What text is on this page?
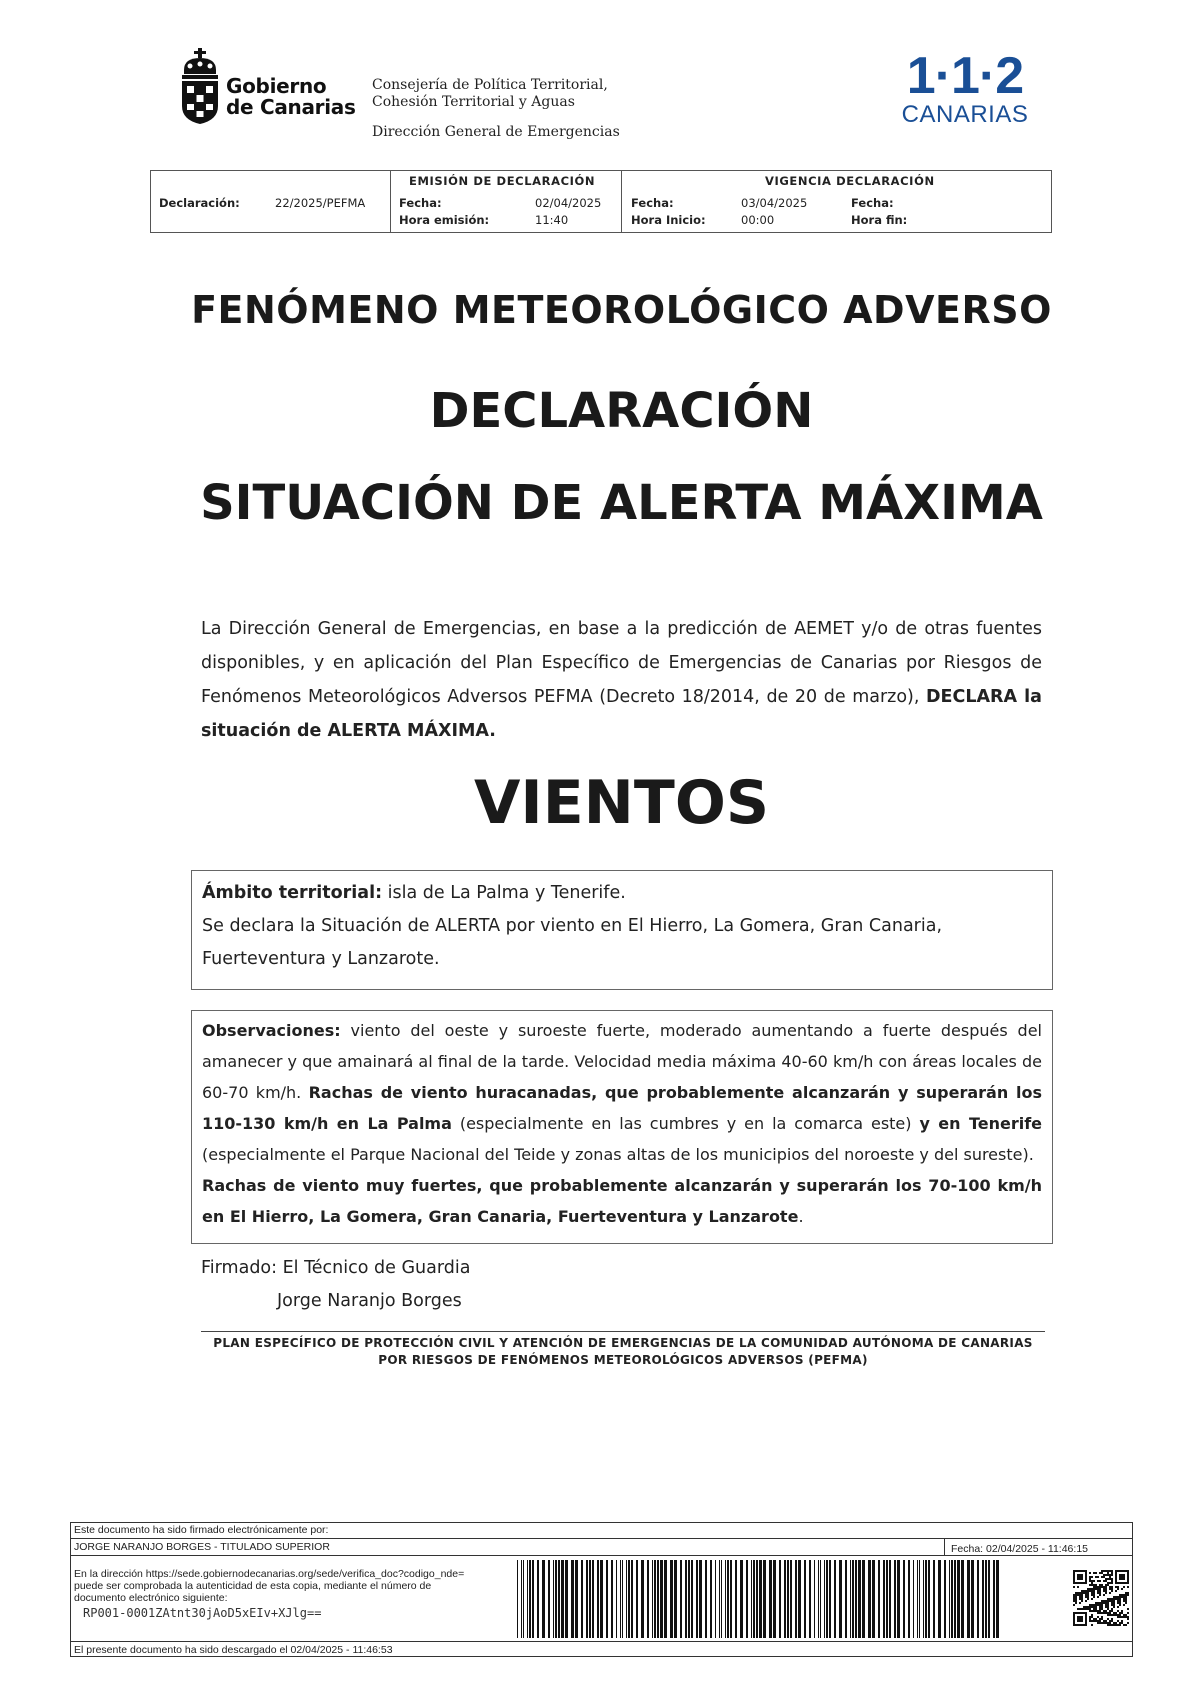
Gobierno
de Canarias
Consejería de Política Territorial,
Cohesión Territorial y Aguas
Dirección General de Emergencias
1·1·2
CANARIAS
Declaración:	22/2025/PEFMA
EMISIÓN DE DECLARACIÓN
Fecha:	02/04/2025
Hora emisión:	11:40
VIGENCIA DECLARACIÓN
Fecha:	03/04/2025
Hora Inicio:	00:00
Fecha:
Hora fin:
FENÓMENO METEOROLÓGICO ADVERSO
DECLARACIÓN
SITUACIÓN DE ALERTA MÁXIMA
La Dirección General de Emergencias, en base a la predicción de AEMET y/o de otras fuentes disponibles, y en aplicación del Plan Específico de Emergencias de Canarias por Riesgos de Fenómenos Meteorológicos Adversos PEFMA (Decreto 18/2014, de 20 de marzo), DECLARA la situación de ALERTA MÁXIMA.
VIENTOS
Ámbito territorial: isla de La Palma y Tenerife.
Se declara la Situación de ALERTA por viento en El Hierro, La Gomera, Gran Canaria, Fuerteventura y Lanzarote.
Observaciones: viento del oeste y suroeste fuerte, moderado aumentando a fuerte después del amanecer y que amainará al final de la tarde. Velocidad media máxima 40-60 km/h con áreas locales de 60-70 km/h. Rachas de viento huracanadas, que probablemente alcanzarán y superarán los 110-130 km/h en La Palma (especialmente en las cumbres y en la comarca este) y en Tenerife (especialmente el Parque Nacional del Teide y zonas altas de los municipios del noroeste y del sureste).
Rachas de viento muy fuertes, que probablemente alcanzarán y superarán los 70-100 km/h en El Hierro, La Gomera, Gran Canaria, Fuerteventura y Lanzarote.
Firmado: El Técnico de Guardia
Jorge Naranjo Borges
PLAN ESPECÍFICO DE PROTECCIÓN CIVIL Y ATENCIÓN DE EMERGENCIAS DE LA COMUNIDAD AUTÓNOMA DE CANARIAS
POR RIESGOS DE FENÓMENOS METEOROLÓGICOS ADVERSOS (PEFMA)
Este documento ha sido firmado electrónicamente por:
JORGE NARANJO BORGES - TITULADO SUPERIOR	Fecha: 02/04/2025 - 11:46:15
En la dirección https://sede.gobiernodecanarias.org/sede/verifica_doc?codigo_nde=
puede ser comprobada la autenticidad de esta copia, mediante el número de
documento electrónico siguiente:
RP001-0001ZAtnt30jAoD5xEIv+XJlg==
El presente documento ha sido descargado el 02/04/2025 - 11:46:53
